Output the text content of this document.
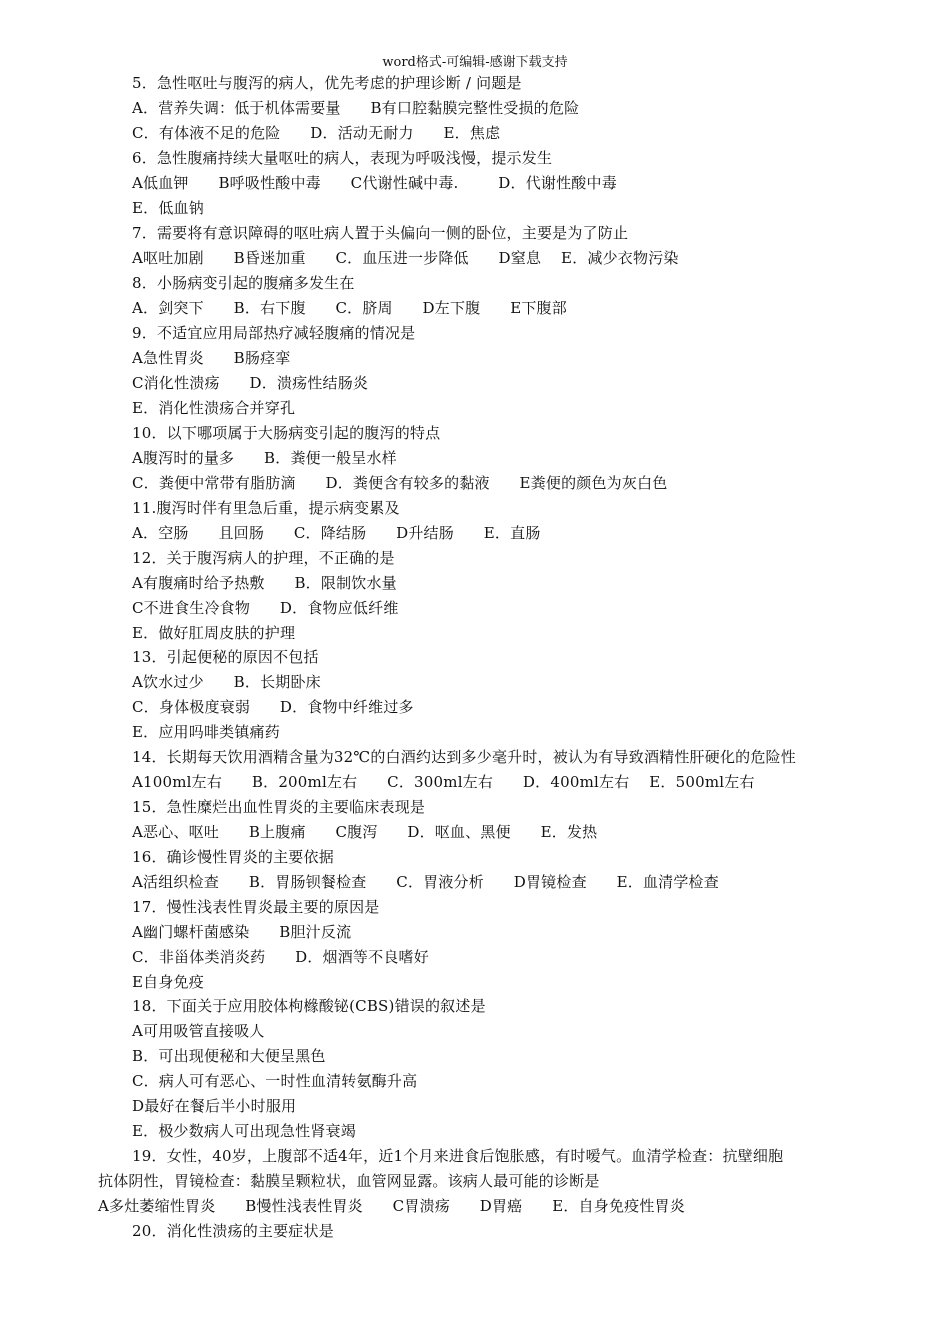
word格式-可编辑-感谢下载支持
5．急性呕吐与腹泻的病人，优先考虑的护理诊断 / 问题是
A．营养失调：低于机体需要量      B有口腔黏膜完整性受损的危险
C．有体液不足的危险      D．活动无耐力      E．焦虑
6．急性腹痛持续大量呕吐的病人，表现为呼吸浅慢，提示发生
A低血钾      B呼吸性酸中毒      C代谢性碱中毒.        D．代谢性酸中毒
E．低血钠
7．需要将有意识障碍的呕吐病人置于头偏向一侧的卧位，主要是为了防止
A呕吐加剧      B昏迷加重      C．血压进一步降低      D窒息    E．减少衣物污染
8．小肠病变引起的腹痛多发生在
A．剑突下      B．右下腹      C．脐周      D左下腹      E下腹部
9．不适宜应用局部热疗减轻腹痛的情况是
A急性胃炎      B肠痉挛
C消化性溃疡      D．溃疡性结肠炎
E．消化性溃疡合并穿孔
10．以下哪项属于大肠病变引起的腹泻的特点
A腹泻时的量多      B．粪便一般呈水样
C．粪便中常带有脂肪滴      D．粪便含有较多的黏液      E粪便的颜色为灰白色
11.腹泻时伴有里急后重，提示病变累及
A．空肠      且回肠      C．降结肠      D升结肠      E．直肠
12．关于腹泻病人的护理，不正确的是
A有腹痛时给予热敷      B．限制饮水量
C不进食生冷食物      D．食物应低纤维
E．做好肛周皮肤的护理
13．引起便秘的原因不包括
A饮水过少      B．长期卧床
C．身体极度衰弱      D．食物中纤维过多
E．应用吗啡类镇痛药
14．长期每天饮用酒精含量为32℃的白酒约达到多少毫升时，被认为有导致酒精性肝硬化的危险性
A100ml左右      B．200ml左右      C．300ml左右      D．400ml左右    E．500ml左右
15．急性糜烂出血性胃炎的主要临床表现是
A恶心、呕吐      B上腹痛      C腹泻      D．呕血、黑便      E．发热
16．确诊慢性胃炎的主要依据
A活组织检查      B．胃肠钡餐检查      C．胃液分析      D胃镜检查      E．血清学检查
17．慢性浅表性胃炎最主要的原因是
A幽门螺杆菌感染      B胆汁反流
C．非甾体类消炎药      D．烟酒等不良嗜好
E自身免疫
18．下面关于应用胶体枸橼酸铋(CBS)错误的叙述是
A可用吸管直接吸人
B．可出现便秘和大便呈黑色
C．病人可有恶心、一时性血清转氨酶升高
D最好在餐后半小时服用
E．极少数病人可出现急性肾衰竭
19．女性，40岁，上腹部不适4年，近1个月来进食后饱胀感，有时嗳气。血清学检查：抗壁细胞
抗体阴性，胃镜检查：黏膜呈颗粒状，血管网显露。该病人最可能的诊断是
A多灶萎缩性胃炎      B慢性浅表性胃炎      C胃溃疡      D胃癌      E．自身免疫性胃炎
20．消化性溃疡的主要症状是
